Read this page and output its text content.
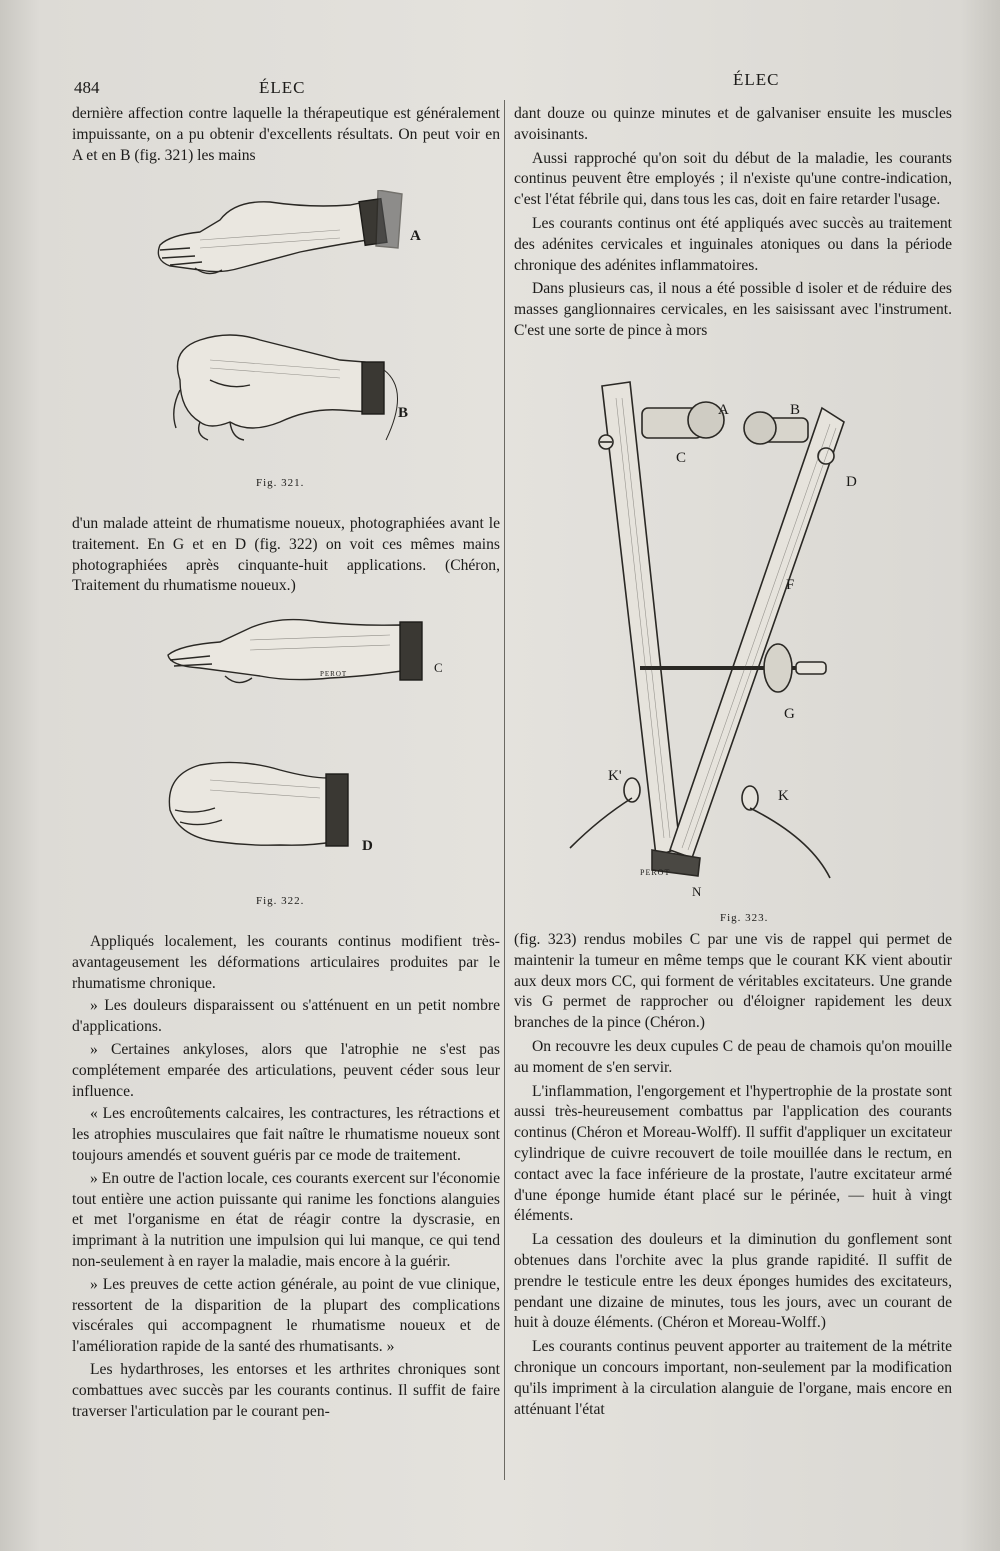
484	ÉLEC	ÉLEC

dernière affection contre laquelle la thérapeutique est généralement impuissante, on a pu obtenir d'excellents résultats. On peut voir en A et en B (fig. 321) les mains

A
B
Fig. 321.

d'un malade atteint de rhumatisme noueux, photographiées avant le traitement. En G et en D (fig. 322) on voit ces mêmes mains photographiées après cinquante-huit applications. (Chéron, Traitement du rhumatisme noueux.)

C
PEROT
D
Fig. 322.

Appliqués localement, les courants continus modifient très-avantageusement les déformations articulaires produites par le rhumatisme chronique.

» Les douleurs disparaissent ou s'atténuent en un petit nombre d'applications.

» Certaines ankyloses, alors que l'atrophie ne s'est pas complétement emparée des articulations, peuvent céder sous leur influence.

« Les encroûtements calcaires, les contractures, les rétractions et les atrophies musculaires que fait naître le rhumatisme noueux sont toujours amendés et souvent guéris par ce mode de traitement.

» En outre de l'action locale, ces courants exercent sur l'économie tout entière une action puissante qui ranime les fonctions alanguies et met l'organisme en état de réagir contre la dyscrasie, en imprimant à la nutrition une impulsion qui lui manque, ce qui tend non-seulement à en rayer la maladie, mais encore à la guérir.

» Les preuves de cette action générale, au point de vue clinique, ressortent de la disparition de la plupart des complications viscérales qui accompagnent le rhumatisme noueux et de l'amélioration rapide de la santé des rhumatisants. »

Les hydarthroses, les entorses et les arthrites chroniques sont combattues avec succès par les courants continus. Il suffit de faire traverser l'articulation par le courant pen-

dant douze ou quinze minutes et de galvaniser ensuite les muscles avoisinants.

Aussi rapproché qu'on soit du début de la maladie, les courants continus peuvent être employés ; il n'existe qu'une contre-indication, c'est l'état fébrile qui, dans tous les cas, doit en faire retarder l'usage.

Les courants continus ont été appliqués avec succès au traitement des adénites cervicales et inguinales atoniques ou dans la période chronique des adénites inflammatoires.

Dans plusieurs cas, il nous a été possible d isoler et de réduire des masses ganglionnaires cervicales, en les saisissant avec l'instrument. C'est une sorte de pince à mors

A	B
C
D
F
G
K'
K
PEROT
N
Fig. 323.

(fig. 323) rendus mobiles C par une vis de rappel qui permet de maintenir la tumeur en même temps que le courant KK vient aboutir aux deux mors CC, qui forment de véritables excitateurs. Une grande vis G permet de rapprocher ou d'éloigner rapidement les deux branches de la pince (Chéron.)

On recouvre les deux cupules C de peau de chamois qu'on mouille au moment de s'en servir.

L'inflammation, l'engorgement et l'hypertrophie de la prostate sont aussi très-heureusement combattus par l'application des courants continus (Chéron et Moreau-Wolff). Il suffit d'appliquer un excitateur cylindrique de cuivre recouvert de toile mouillée dans le rectum, en contact avec la face inférieure de la prostate, l'autre excitateur armé d'une éponge humide étant placé sur le périnée, — huit à vingt éléments.

La cessation des douleurs et la diminution du gonflement sont obtenues dans l'orchite avec la plus grande rapidité. Il suffit de prendre le testicule entre les deux éponges humides des excitateurs, pendant une dizaine de minutes, tous les jours, avec un courant de huit à douze éléments. (Chéron et Moreau-Wolff.)

Les courants continus peuvent apporter au traitement de la métrite chronique un concours important, non-seulement par la modification qu'ils impriment à la circulation alanguie de l'organe, mais encore en atténuant l'état
